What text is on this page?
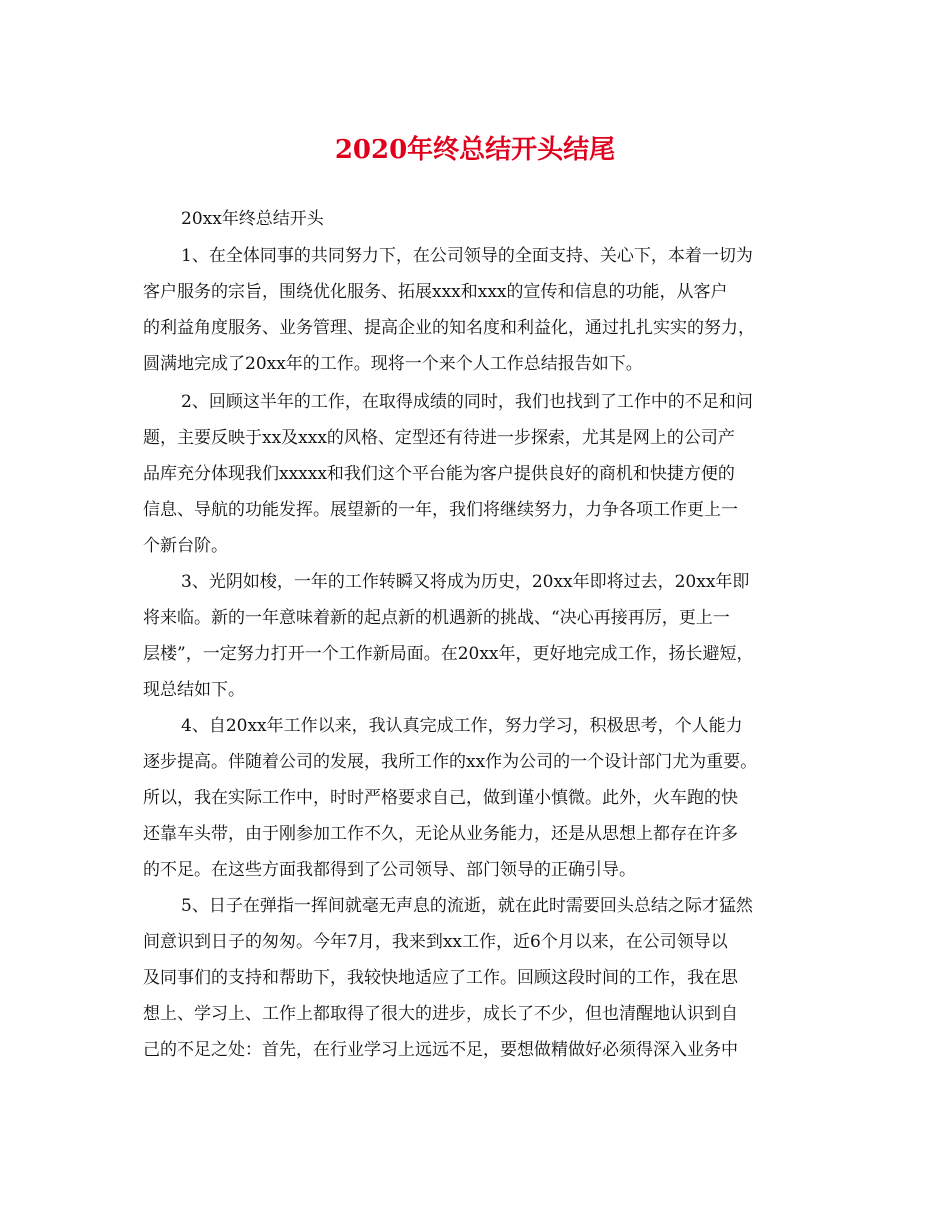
2020年终总结开头结尾
20xx年终总结开头
1、在全体同事的共同努力下，在公司领导的全面支持、关心下，本着一切为
客户服务的宗旨，围绕优化服务、拓展xxx和xxx的宣传和信息的功能，从客户
的利益角度服务、业务管理、提高企业的知名度和利益化，通过扎扎实实的努力，
圆满地完成了20xx年的工作。现将一个来个人工作总结报告如下。
2、回顾这半年的工作，在取得成绩的同时，我们也找到了工作中的不足和问
题，主要反映于xx及xxx的风格、定型还有待进一步探索，尤其是网上的公司产
品库充分体现我们xxxxx和我们这个平台能为客户提供良好的商机和快捷方便的
信息、导航的功能发挥。展望新的一年，我们将继续努力，力争各项工作更上一
个新台阶。
3、光阴如梭，一年的工作转瞬又将成为历史，20xx年即将过去，20xx年即
将来临。新的一年意味着新的起点新的机遇新的挑战、“决心再接再厉，更上一
层楼”，一定努力打开一个工作新局面。在20xx年，更好地完成工作，扬长避短，
现总结如下。
4、自20xx年工作以来，我认真完成工作，努力学习，积极思考，个人能力
逐步提高。伴随着公司的发展，我所工作的xx作为公司的一个设计部门尤为重要。
所以，我在实际工作中，时时严格要求自己，做到谨小慎微。此外，火车跑的快
还靠车头带，由于刚参加工作不久，无论从业务能力，还是从思想上都存在许多
的不足。在这些方面我都得到了公司领导、部门领导的正确引导。
5、日子在弹指一挥间就毫无声息的流逝，就在此时需要回头总结之际才猛然
间意识到日子的匆匆。今年7月，我来到xx工作，近6个月以来，在公司领导以
及同事们的支持和帮助下，我较快地适应了工作。回顾这段时间的工作，我在思
想上、学习上、工作上都取得了很大的进步，成长了不少，但也清醒地认识到自
己的不足之处：首先，在行业学习上远远不足，要想做精做好必须得深入业务中
